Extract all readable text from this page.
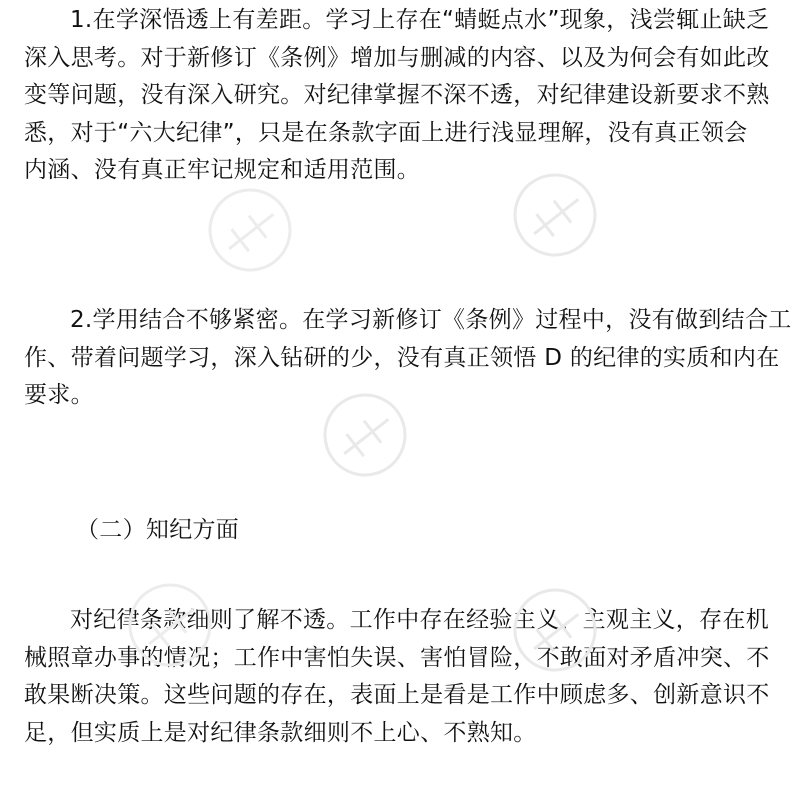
1.在学深悟透上有差距。学习上存在“蜻蜓点水”现象，浅尝辄止缺乏
深入思考。对于新修订《条例》增加与删减的内容、以及为何会有如此改
变等问题，没有深入研究。对纪律掌握不深不透，对纪律建设新要求不熟
悉，对于“六大纪律”，只是在条款字面上进行浅显理解，没有真正领会
内涵、没有真正牢记规定和适用范围。
2.学用结合不够紧密。在学习新修订《条例》过程中，没有做到结合工
作、带着问题学习，深入钻研的少，没有真正领悟 D 的纪律的实质和内在
要求。
（二）知纪方面
对纪律条款细则了解不透。工作中存在经验主义、主观主义，存在机
械照章办事的情况；工作中害怕失误、害怕冒险，不敢面对矛盾冲突、不
敢果断决策。这些问题的存在，表面上是看是工作中顾虑多、创新意识不
足，但实质上是对纪律条款细则不上心、不熟知。
